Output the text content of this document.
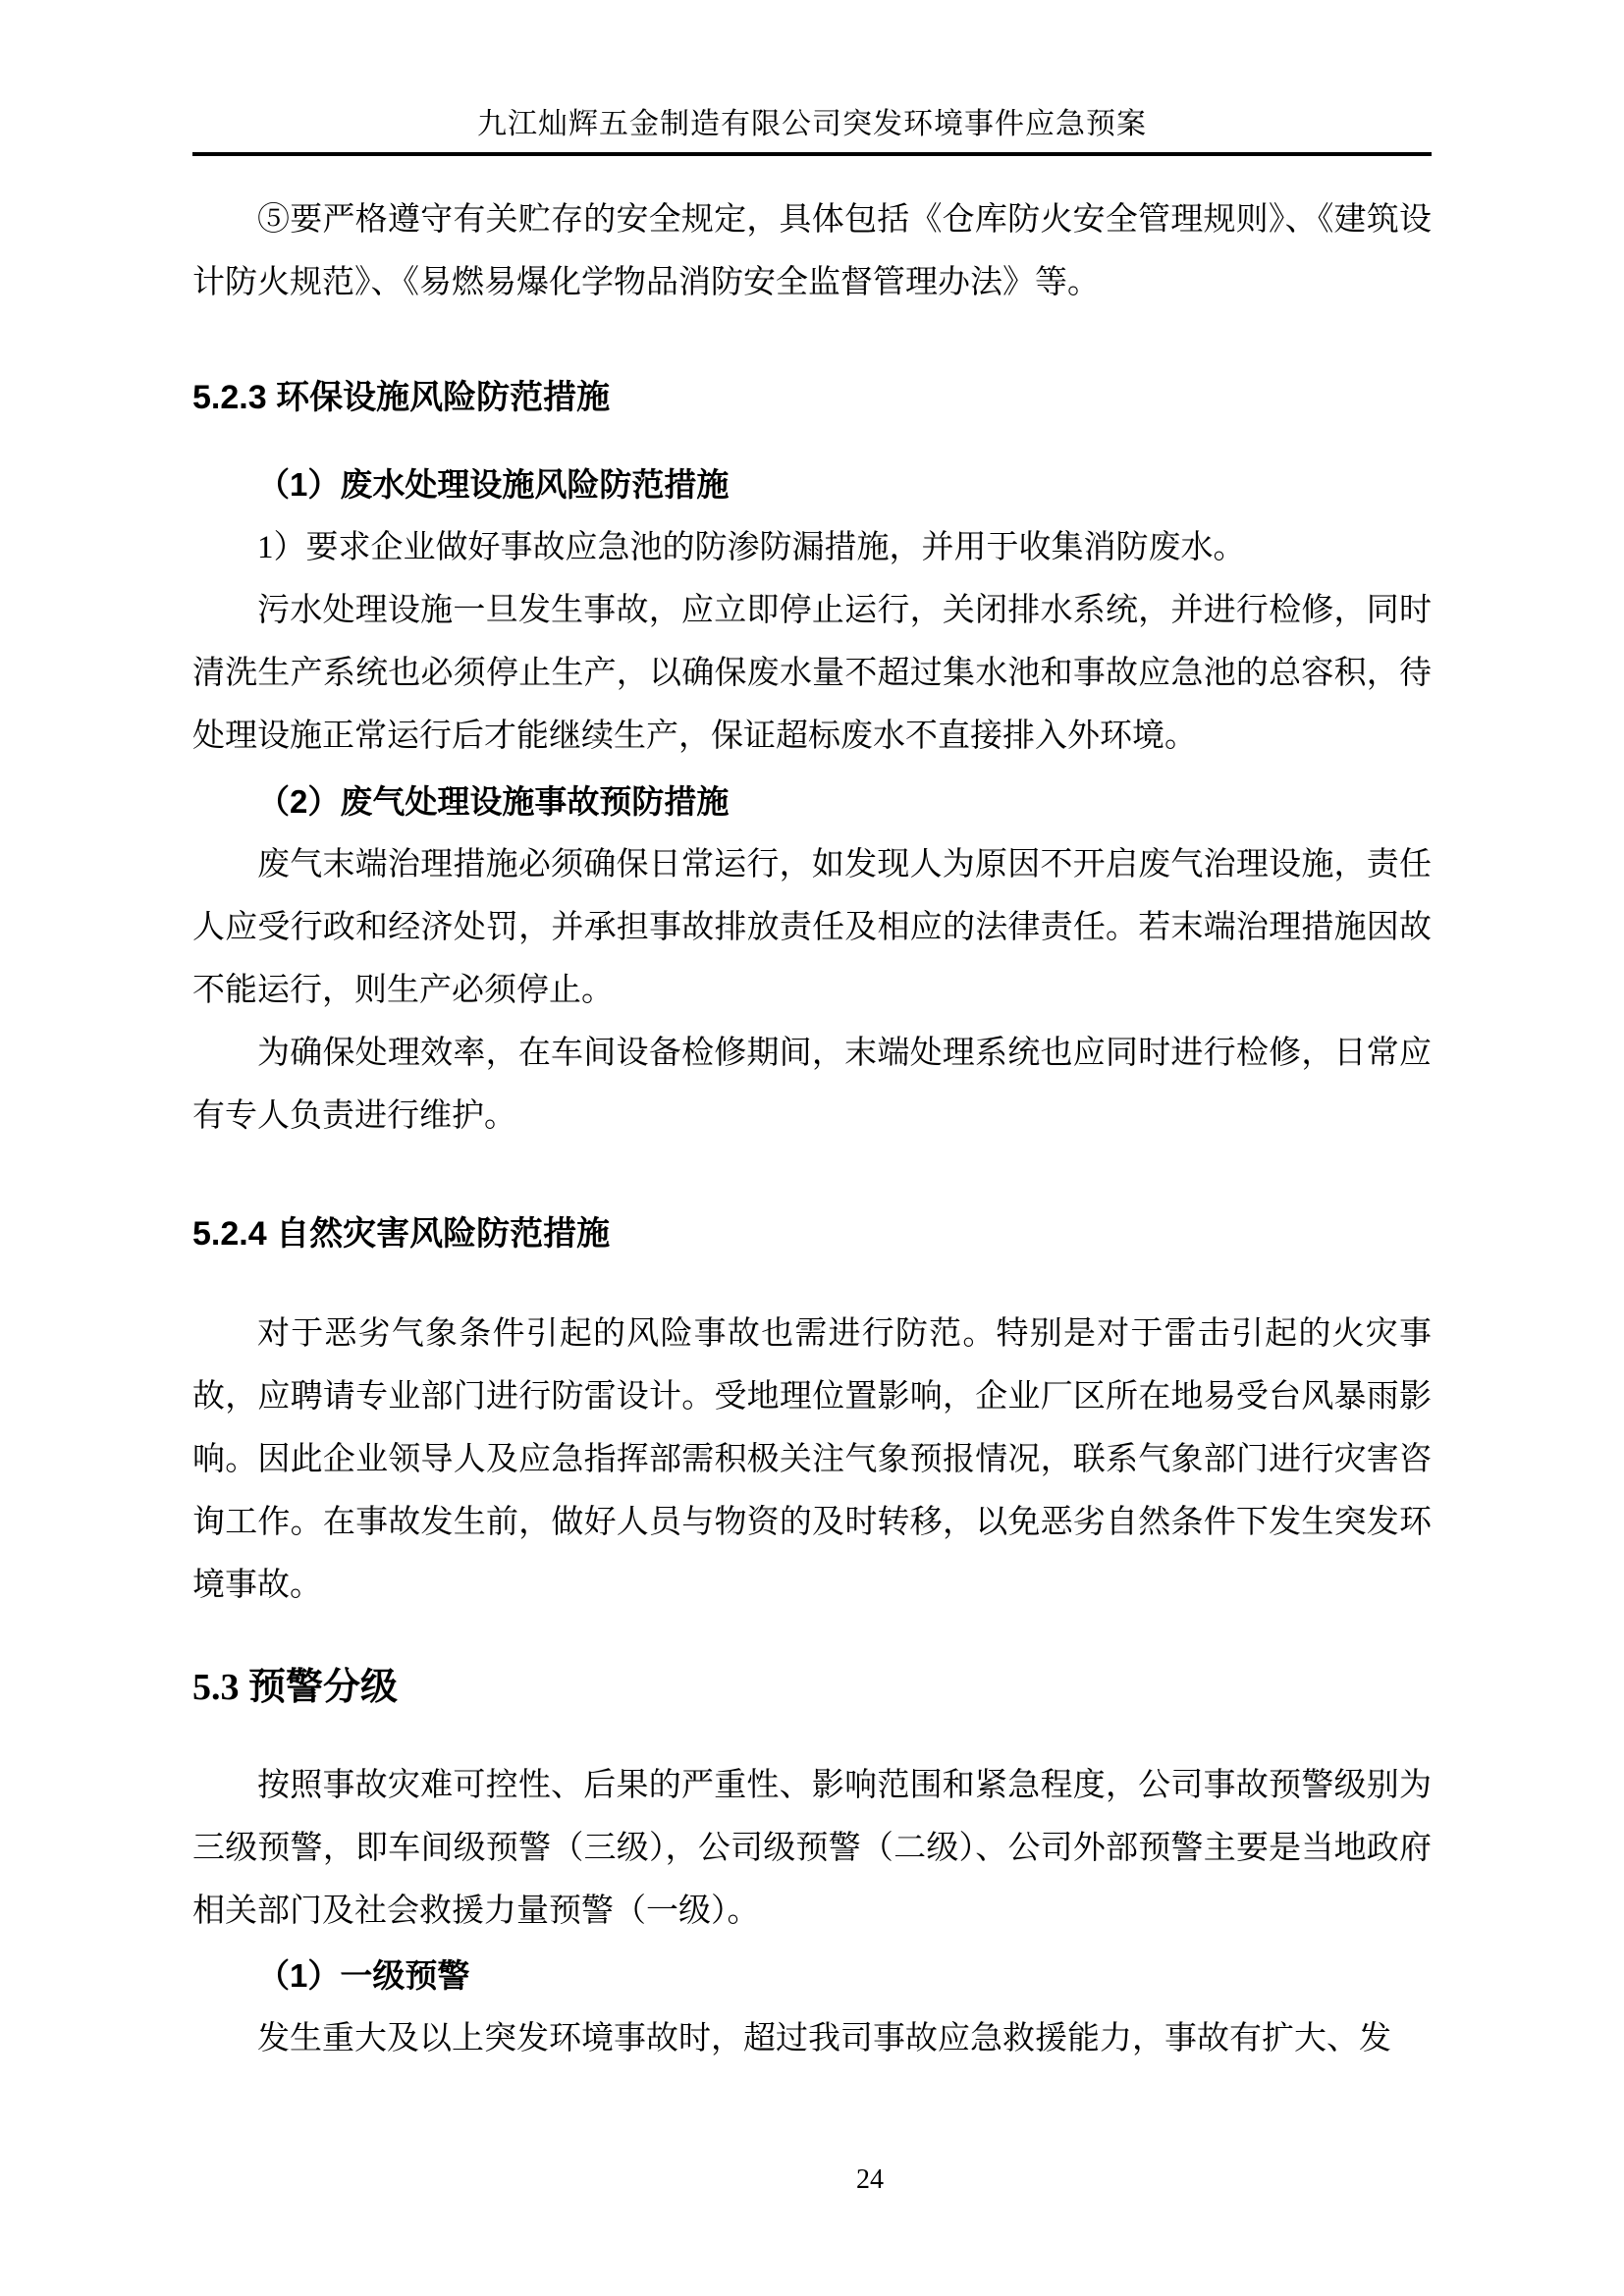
九江灿辉五金制造有限公司突发环境事件应急预案

⑤要严格遵守有关贮存的安全规定，具体包括《仓库防火安全管理规则》、《建筑设计防火规范》、《易燃易爆化学物品消防安全监督管理办法》等。

5.2.3 环保设施风险防范措施
（1）废水处理设施风险防范措施

1）要求企业做好事故应急池的防渗防漏措施，并用于收集消防废水。

污水处理设施一旦发生事故，应立即停止运行，关闭排水系统，并进行检修，同时清洗生产系统也必须停止生产，以确保废水量不超过集水池和事故应急池的总容积，待处理设施正常运行后才能继续生产，保证超标废水不直接排入外环境。

（2）废气处理设施事故预防措施

废气末端治理措施必须确保日常运行，如发现人为原因不开启废气治理设施，责任人应受行政和经济处罚，并承担事故排放责任及相应的法律责任。若末端治理措施因故不能运行，则生产必须停止。

为确保处理效率，在车间设备检修期间，末端处理系统也应同时进行检修，日常应有专人负责进行维护。

5.2.4 自然灾害风险防范措施

对于恶劣气象条件引起的风险事故也需进行防范。特别是对于雷击引起的火灾事故，应聘请专业部门进行防雷设计。受地理位置影响，企业厂区所在地易受台风暴雨影响。因此企业领导人及应急指挥部需积极关注气象预报情况，联系气象部门进行灾害咨询工作。在事故发生前，做好人员与物资的及时转移，以免恶劣自然条件下发生突发环境事故。

5.3 预警分级

按照事故灾难可控性、后果的严重性、影响范围和紧急程度，公司事故预警级别为三级预警，即车间级预警（三级），公司级预警（二级）、公司外部预警主要是当地政府相关部门及社会救援力量预警（一级）。

（1）一级预警

发生重大及以上突发环境事故时，超过我司事故应急救援能力，事故有扩大、发

24
